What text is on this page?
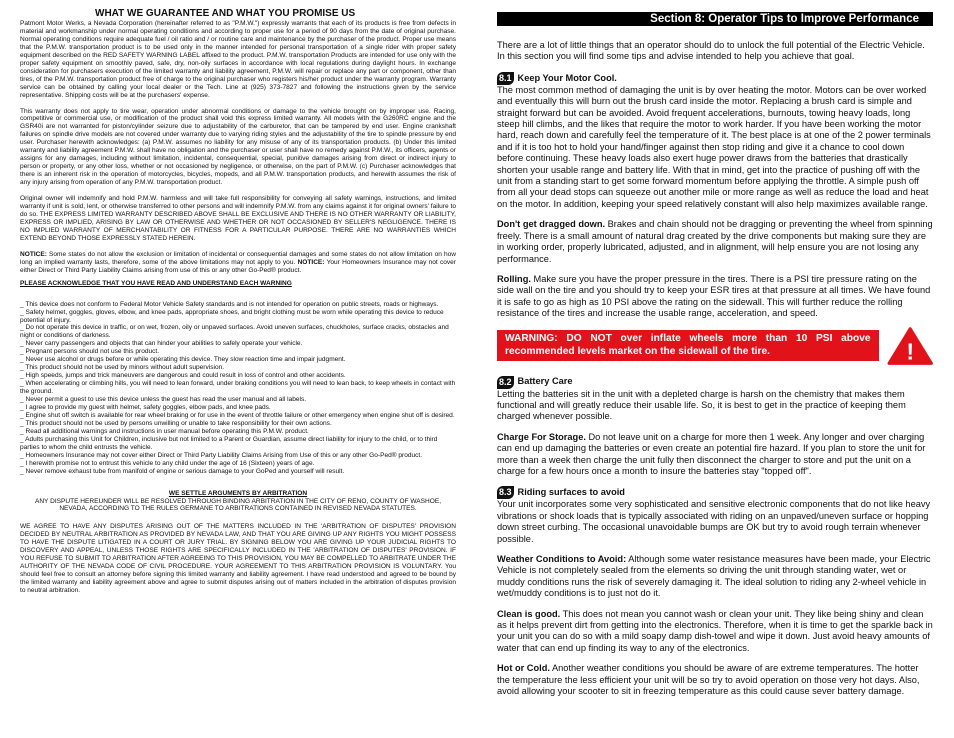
WHAT WE GUARANTEE AND WHAT YOU PROMISE US

Patmont Motor Werks, a Nevada Corporation (hereinafter referred to as "P.M.W.") expressly warrants that each of its products is free from defects in material and workmanship under normal operating conditions and according to proper use for a period of 90 days from the date of original purchase. Normal operating conditions require adequate fuel / oil ratio and / or routine care and maintenance by the purchaser of the product. Proper use means that the P.M.W. transportation product is to be used only in the manner intended for personal transportation of a single rider with proper safety equipment described on the RED SAFETY WARNING LABEL affixed to the product. P.M.W. transportation Products are intended for use only with the proper safety equipment on smoothly paved, safe, dry, non-oily surfaces in accordance with local regulations during daylight hours. In exchange consideration for purchasers execution of the limited warranty and liability agreement, P.M.W. will repair or replace any part or component, other than tires, of the P.M.W. transportation product free of charge to the original purchaser who registers his/her product under the warranty program. Warranty service can be obtained by calling your local dealer or the Tech. Line at (925) 373-7827 and following the instructions given by the service representative. Shipping costs will be at the purchasers' expense.

This warranty does not apply to tire wear, operation under abnormal conditions or damage to the vehicle brought on by improper use. Racing, competitive or commercial use, or modification of the product shall void this express limited warranty. All models with the G260RC engine and the GSR40i are not warranted for piston/cylinder seizure due to adjustability of the carburetor, that can be tampered by end user. Engine crankshaft failures on spindle drive models are not covered under warranty due to varying riding styles and the adjustability of the tire to spindle pressure by end user. Purchaser herewith acknowledges: (a) P.M.W. assumes no liability for any misuse of any of its transportation products. (b) Under this limited warranty and liability agreement P.M.W. shall have no obligation and the purchaser or user shall have no remedy against P.M.W., its officers, agents or assigns for any damages, including without limitation, incidental, consequential, special, punitive damages arising from direct or indirect injury to person or property, or any other loss, whether or not occasioned by negligence, or otherwise, on the part of P.M.W. (c) Purchaser acknowledges that there is an inherent risk in the operation of motorcycles, bicycles, mopeds, and all P.M.W. transportation products, and herewith assumes the risk of any injury arising from operation of any P.M.W. transportation product.

Original owner will indemnify and hold P.M.W. harmless and will take full responsibility for conveying all safety warnings, instructions, and limited warranty if unit is sold, lent, or otherwise transferred to other persons and will indemnify P.M.W. from any claims against it for original owners' failure to do so. THE EXPRESS LIMITED WARRANTY DESCRIBED ABOVE SHALL BE EXCLUSIVE AND THERE IS NO OTHER WARRANTY OR LIABILITY, EXPRESS OR IMPLIED, ARISING BY LAW OR OTHERWISE AND WHETHER OR NOT OCCASIONED BY SELLER'S NEGLIGENCE. THERE IS NO IMPLIED WARRANTY OF MERCHANTABILITY OR FITNESS FOR A PARTICULAR PURPOSE. THERE ARE NO WARRANTIES WHICH EXTEND BEYOND THOSE EXPRESSLY STATED HEREIN.

NOTICE: Some states do not allow the exclusion or limitation of incidental or consequential damages and some states do not allow limitation on how long an implied warranty lasts, therefore, some of the above limitations may not apply to you. NOTICE: Your Homeowners Insurance may not cover either Direct or Third Party Liability Claims arising from use of this or any other Go-Ped® product.

PLEASE ACKNOWLEDGE THAT YOU HAVE READ AND UNDERSTAND EACH WARNING
_ This device does not conform to Federal Motor Vehicle Safety standards and is not intended for operation on public streets, roads or highways.
_ Safety helmet, goggles, gloves, elbow, and knee pads, appropriate shoes, and bright clothing must be worn while operating this device to reduce potential of injury.
_ Do not operate this device in traffic, or on wet, frozen, oily or unpaved surfaces. Avoid uneven surfaces, chuckholes, surface cracks, obstacles and night or conditions of darkness.
_ Never carry passengers and objects that can hinder your abilities to safely operate your vehicle.
_ Pregnant persons should not use this product.
_ Never use alcohol or drugs before or while operating this device. They slow reaction time and impair judgment.
_ This product should not be used by minors without adult supervision.
_ High speeds, jumps and trick maneuvers are dangerous and could result in loss of control and other accidents.
_ When accelerating or climbing hills, you will need to lean forward, under braking conditions you will need to lean back, to keep wheels in contact with the ground.
_ Never permit a guest to use this device unless the guest has read the user manual and all labels.
_ I agree to provide my guest with helmet, safety goggles, elbow pads, and knee pads.
_ Engine shut off switch is available for rear wheel braking or for use in the event of throttle failure or other emergency when engine shut off is desired.
_ This product should not be used by persons unwilling or unable to take responsibility for their own actions.
_ Read all additional warnings and instructions in user manual before operating this P.M.W. product.
_ Adults purchasing this Unit for Children, inclusive but not limited to a Parent or Guardian, assume direct liability for injury to the child, or to third parties to whom the child entrusts the vehicle.
_ Homeowners Insurance may not cover either Direct or Third Party Liability Claims Arising from Use of this or any other Go-Ped® product.
_ I herewith promise not to entrust this vehicle to any child under the age of 16 (Sixteen) years of age.
_ Never remove exhaust tube from manifold of engine or serious damage to your GoPed and yourself will result.
WE SETTLE ARGUMENTS BY ARBITRATION

ANY DISPUTE HEREUNDER WILL BE RESOLVED THROUGH BINDING ARBITRATION IN THE CITY OF RENO, COUNTY OF WASHOE, NEVADA, ACCORDING TO THE RULES GERMANE TO ARBITRATIONS CONTAINED IN REVISED NEVADA STATUTES.

WE AGREE TO HAVE ANY DISPUTES ARISING OUT OF THE MATTERS INCLUDED IN THE 'ARBITRATION OF DISPUTES' PROVISION DECIDED BY NEUTRAL ARBITRATION AS PROVIDED BY NEVADA LAW, AND THAT YOU ARE GIVING UP ANY RIGHTS YOU MIGHT POSSESS TO HAVE THE DISPUTE LITIGATED IN A COURT OR JURY TRIAL. BY SIGNING BELOW YOU ARE GIVING UP YOUR JUDICIAL RIGHTS TO DISCOVERY AND APPEAL, UNLESS THOSE RIGHTS ARE SPECIFICALLY INCLUDED IN THE 'ARBITRATION OF DISPUTES' PROVISION. IF YOU REFUSE TO SUBMIT TO ARBITRATION AFTER AGREEING TO THIS PROVISION, YOU MAY BE COMPELLED TO ARBITRATE UNDER THE AUTHORITY OF THE NEVADA CODE OF CIVIL PROCEDURE. YOUR AGREEMENT TO THIS ARBITRATION PROVISION IS VOLUNTARY. You should feel free to consult an attorney before signing this limited warranty and liability agreement. I have read understood and agreed to be bound by the limited warranty and liability agreement above and agree to submit disputes arising out of matters included in the arbitration of disputes provision to neutral arbitration.

Section 8: Operator Tips to Improve Performance

There are a lot of little things that an operator should do to unlock the full potential of the Electric Vehicle. In this section you will find some tips and advise intended to help you achieve that goal.

8.1 Keep Your Motor Cool.

The most common method of damaging the unit is by over heating the motor. Motors can be over worked and eventually this will burn out the brush card inside the motor. Replacing a brush card is simple and straight forward but can be avoided. Avoid frequent accelerations, burnouts, towing heavy loads, long steep hill climbs, and the likes that require the motor to work harder. If you have been working the motor hard, reach down and carefully feel the temperature of it. The best place is at one of the 2 power terminals and if it is too hot to hold your hand/finger against then stop riding and give it a chance to cool down before continuing. These heavy loads also exert huge power draws from the batteries that drastically shorten your usable range and battery life. With that in mind, get into the practice of pushing off with the unit from a standing start to get some forward momentum before applying the throttle. A simple push off from all your dead stops can squeeze out another mile or more range as well as reduce the load and heat on the motor. In addition, keeping your speed relatively constant will also help maximizes available range.

Don't get dragged down. Brakes and chain should not be dragging or preventing the wheel from spinning freely. There is a small amount of natural drag created by the drive components but making sure they are in working order, properly lubricated, adjusted, and in alignment, will help ensure you are not losing any performance.

Rolling. Make sure you have the proper pressure in the tires. There is a PSI tire pressure rating on the side wall on the tire and you should try to keep your ESR tires at that pressure at all times. We have found it is safe to go as high as 10 PSI above the rating on the sidewall. This will further reduce the rolling resistance of the tires and increase the usable range, acceleration, and speed.

WARNING: DO NOT over inflate wheels more than 10 PSI above recommended levels market on the sidewall of the tire.	!
8.2 Battery Care

Letting the batteries sit in the unit with a depleted charge is harsh on the chemistry that makes them functional and will greatly reduce their usable life. So, it is best to get in the practice of keeping them charged whenever possible.

Charge For Storage. Do not leave unit on a charge for more then 1 week. Any longer and over charging can end up damaging the batteries or even create an potential fire hazard. If you plan to store the unit for more than a week then charge the unit fully then disconnect the charger to store and put the unit on a charge for a few hours once a month to insure the batteries stay "topped off".

8.3 Riding surfaces to avoid

Your unit incorporates some very sophisticated and sensitive electronic components that do not like heavy vibrations or shock loads that is typically associated with riding on an unpaved/uneven surface or hopping down street curbing. The occasional unavoidable bumps are OK but try to avoid rough terrain whenever possible.

Weather Conditions to Avoid: Although some water resistance measures have been made, your Electric Vehicle is not completely sealed from the elements so driving the unit through standing water, wet or muddy conditions runs the risk of severely damaging it. The ideal solution to riding any 2-wheel vehicle in wet/muddy conditions is to just not do it.

Clean is good. This does not mean you cannot wash or clean your unit. They like being shiny and clean as it helps prevent dirt from getting into the electronics. Therefore, when it is time to get the sparkle back in your unit you can do so with a mild soapy damp dish-towel and wipe it down. Just avoid heavy amounts of water that can end up finding its way to any of the electronics.

Hot or Cold. Another weather conditions you should be aware of are extreme temperatures. The hotter the temperature the less efficient your unit will be so try to avoid operation on those very hot days. Also, avoid allowing your scooter to sit in freezing temperature as this could cause sever battery damage.
